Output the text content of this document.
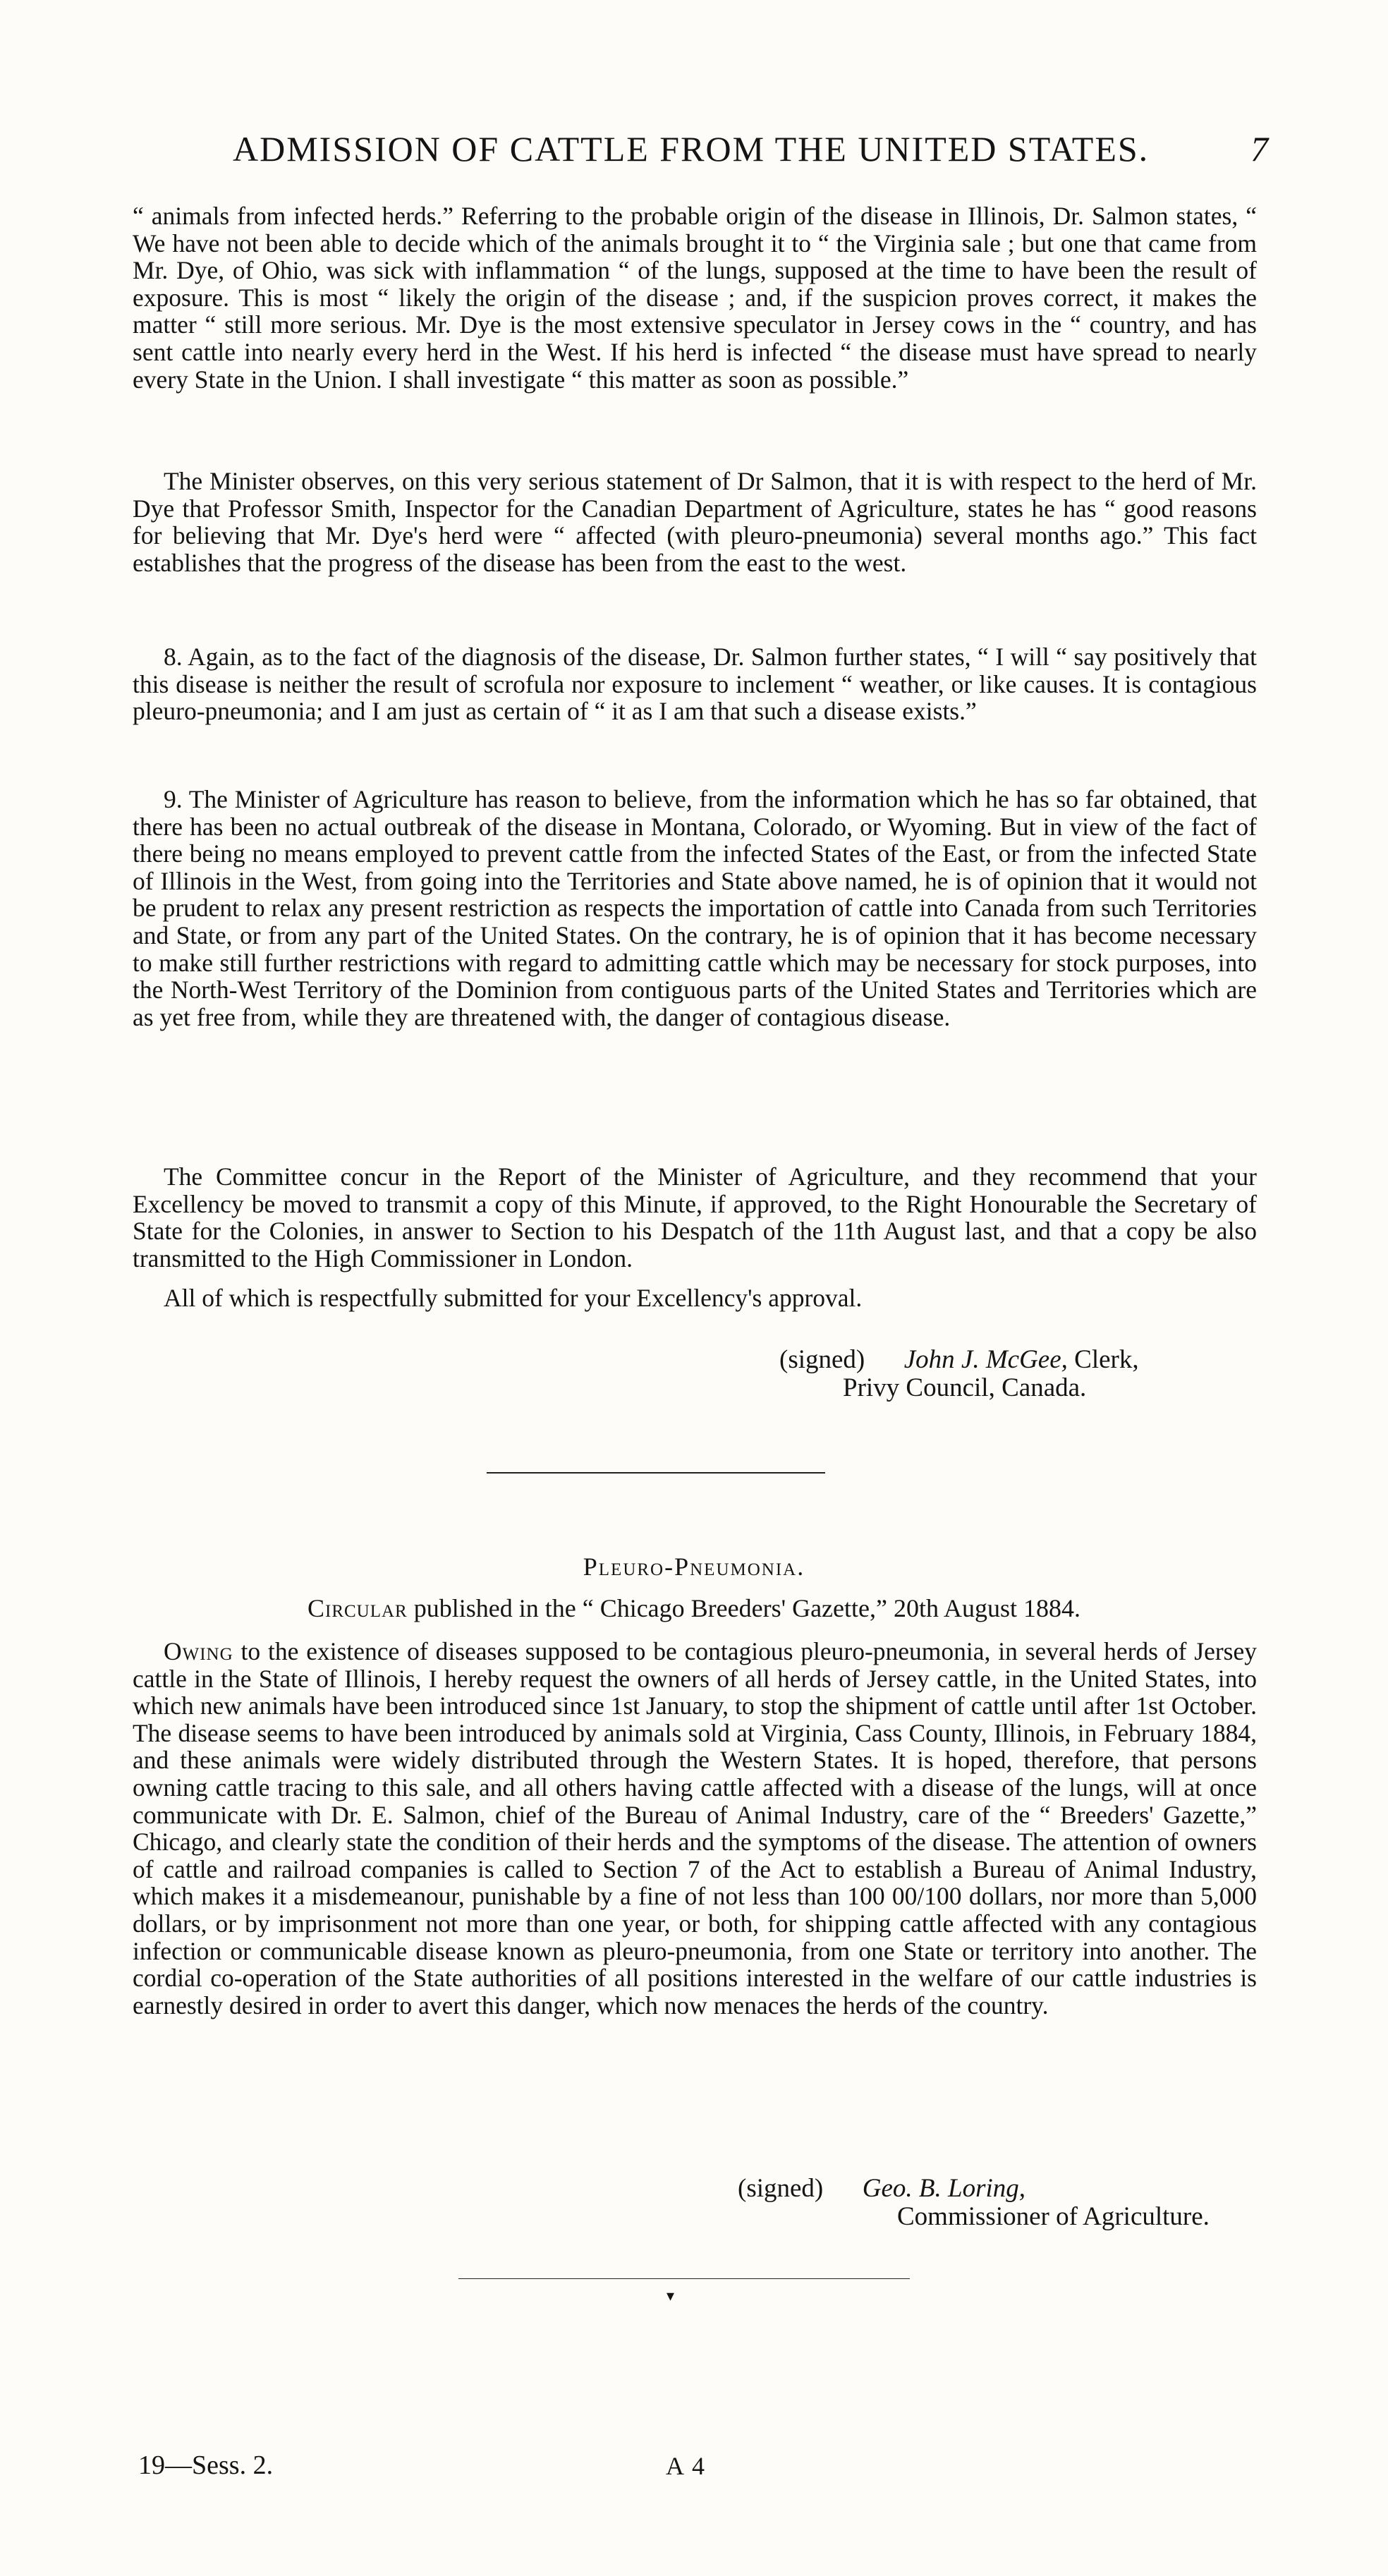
ADMISSION OF CATTLE FROM THE UNITED STATES.	7

“ animals from infected herds.” Referring to the probable origin of the disease in Illinois, Dr. Salmon states, “ We have not been able to decide which of the animals brought it to “ the Virginia sale ; but one that came from Mr. Dye, of Ohio, was sick with inflammation “ of the lungs, supposed at the time to have been the result of exposure. This is most “ likely the origin of the disease ; and, if the suspicion proves correct, it makes the matter “ still more serious. Mr. Dye is the most extensive speculator in Jersey cows in the “ country, and has sent cattle into nearly every herd in the West. If his herd is infected “ the disease must have spread to nearly every State in the Union. I shall investigate “ this matter as soon as possible.”

The Minister observes, on this very serious statement of Dr Salmon, that it is with respect to the herd of Mr. Dye that Professor Smith, Inspector for the Canadian Department of Agriculture, states he has “ good reasons for believing that Mr. Dye's herd were “ affected (with pleuro-pneumonia) several months ago.” This fact establishes that the progress of the disease has been from the east to the west.

8. Again, as to the fact of the diagnosis of the disease, Dr. Salmon further states, “ I will “ say positively that this disease is neither the result of scrofula nor exposure to inclement “ weather, or like causes. It is contagious pleuro-pneumonia; and I am just as certain of “ it as I am that such a disease exists.”

9. The Minister of Agriculture has reason to believe, from the information which he has so far obtained, that there has been no actual outbreak of the disease in Montana, Colorado, or Wyoming. But in view of the fact of there being no means employed to prevent cattle from the infected States of the East, or from the infected State of Illinois in the West, from going into the Territories and State above named, he is of opinion that it would not be prudent to relax any present restriction as respects the importation of cattle into Canada from such Territories and State, or from any part of the United States. On the contrary, he is of opinion that it has become necessary to make still further restrictions with regard to admitting cattle which may be necessary for stock purposes, into the North-West Territory of the Dominion from contiguous parts of the United States and Territories which are as yet free from, while they are threatened with, the danger of contagious disease.

The Committee concur in the Report of the Minister of Agriculture, and they recommend that your Excellency be moved to transmit a copy of this Minute, if approved, to the Right Honourable the Secretary of State for the Colonies, in answer to Section to his Despatch of the 11th August last, and that a copy be also transmitted to the High Commissioner in London.

All of which is respectfully submitted for your Excellency's approval.

(signed) John J. McGee, Clerk,
Privy Council, Canada.
Pleuro-Pneumonia.
Circular published in the “ Chicago Breeders' Gazette,” 20th August 1884.

Owing to the existence of diseases supposed to be contagious pleuro-pneumonia, in several herds of Jersey cattle in the State of Illinois, I hereby request the owners of all herds of Jersey cattle, in the United States, into which new animals have been introduced since 1st January, to stop the shipment of cattle until after 1st October. The disease seems to have been introduced by animals sold at Virginia, Cass County, Illinois, in February 1884, and these animals were widely distributed through the Western States. It is hoped, therefore, that persons owning cattle tracing to this sale, and all others having cattle affected with a disease of the lungs, will at once communicate with Dr. E. Salmon, chief of the Bureau of Animal Industry, care of the “ Breeders' Gazette,” Chicago, and clearly state the condition of their herds and the symptoms of the disease. The attention of owners of cattle and railroad companies is called to Section 7 of the Act to establish a Bureau of Animal Industry, which makes it a misdemeanour, punishable by a fine of not less than 100 00/100 dollars, nor more than 5,000 dollars, or by imprisonment not more than one year, or both, for shipping cattle affected with any contagious infection or communicable disease known as pleuro-pneumonia, from one State or territory into another. The cordial co-operation of the State authorities of all positions interested in the welfare of our cattle industries is earnestly desired in order to avert this danger, which now menaces the herds of the country.

(signed) Geo. B. Loring,
Commissioner of Agriculture.
▾
19—Sess. 2.	A 4
